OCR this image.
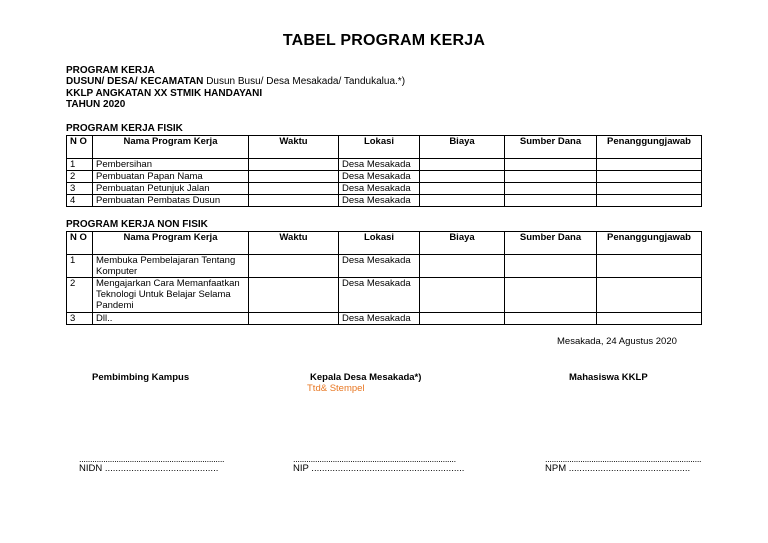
TABEL PROGRAM KERJA
PROGRAM KERJA
DUSUN/ DESA/ KECAMATAN Dusun Busu/ Desa Mesakada/ Tandukalua.*)
KKLP ANGKATAN XX STMIK HANDAYANI
TAHUN 2020
PROGRAM KERJA FISIK
N O	Nama Program Kerja	Waktu	Lokasi	Biaya	Sumber Dana	Penanggungjawab
1	Pembersihan		Desa Mesakada			
2	Pembuatan Papan Nama		Desa Mesakada			
3	Pembuatan Petunjuk Jalan		Desa Mesakada			
4	Pembuatan Pembatas Dusun		Desa Mesakada			
PROGRAM KERJA NON FISIK
N O	Nama Program Kerja	Waktu	Lokasi	Biaya	Sumber Dana	Penanggungjawab
1	Membuka Pembelajaran Tentang Komputer		Desa Mesakada			
2	Mengajarkan Cara Memanfaatkan Teknologi Untuk Belajar Selama Pandemi		Desa Mesakada			
3	Dll..		Desa Mesakada			
Mesakada, 24 Agustus 2020
Pembimbing Kampus	Kepala Desa Mesakada*)
Ttd& Stempel
Mahasiswa KKLP
..................................................................
NIDN ...........................................
..........................................................................
NIP ..........................................................
.......................................................................
NPM ..............................................
